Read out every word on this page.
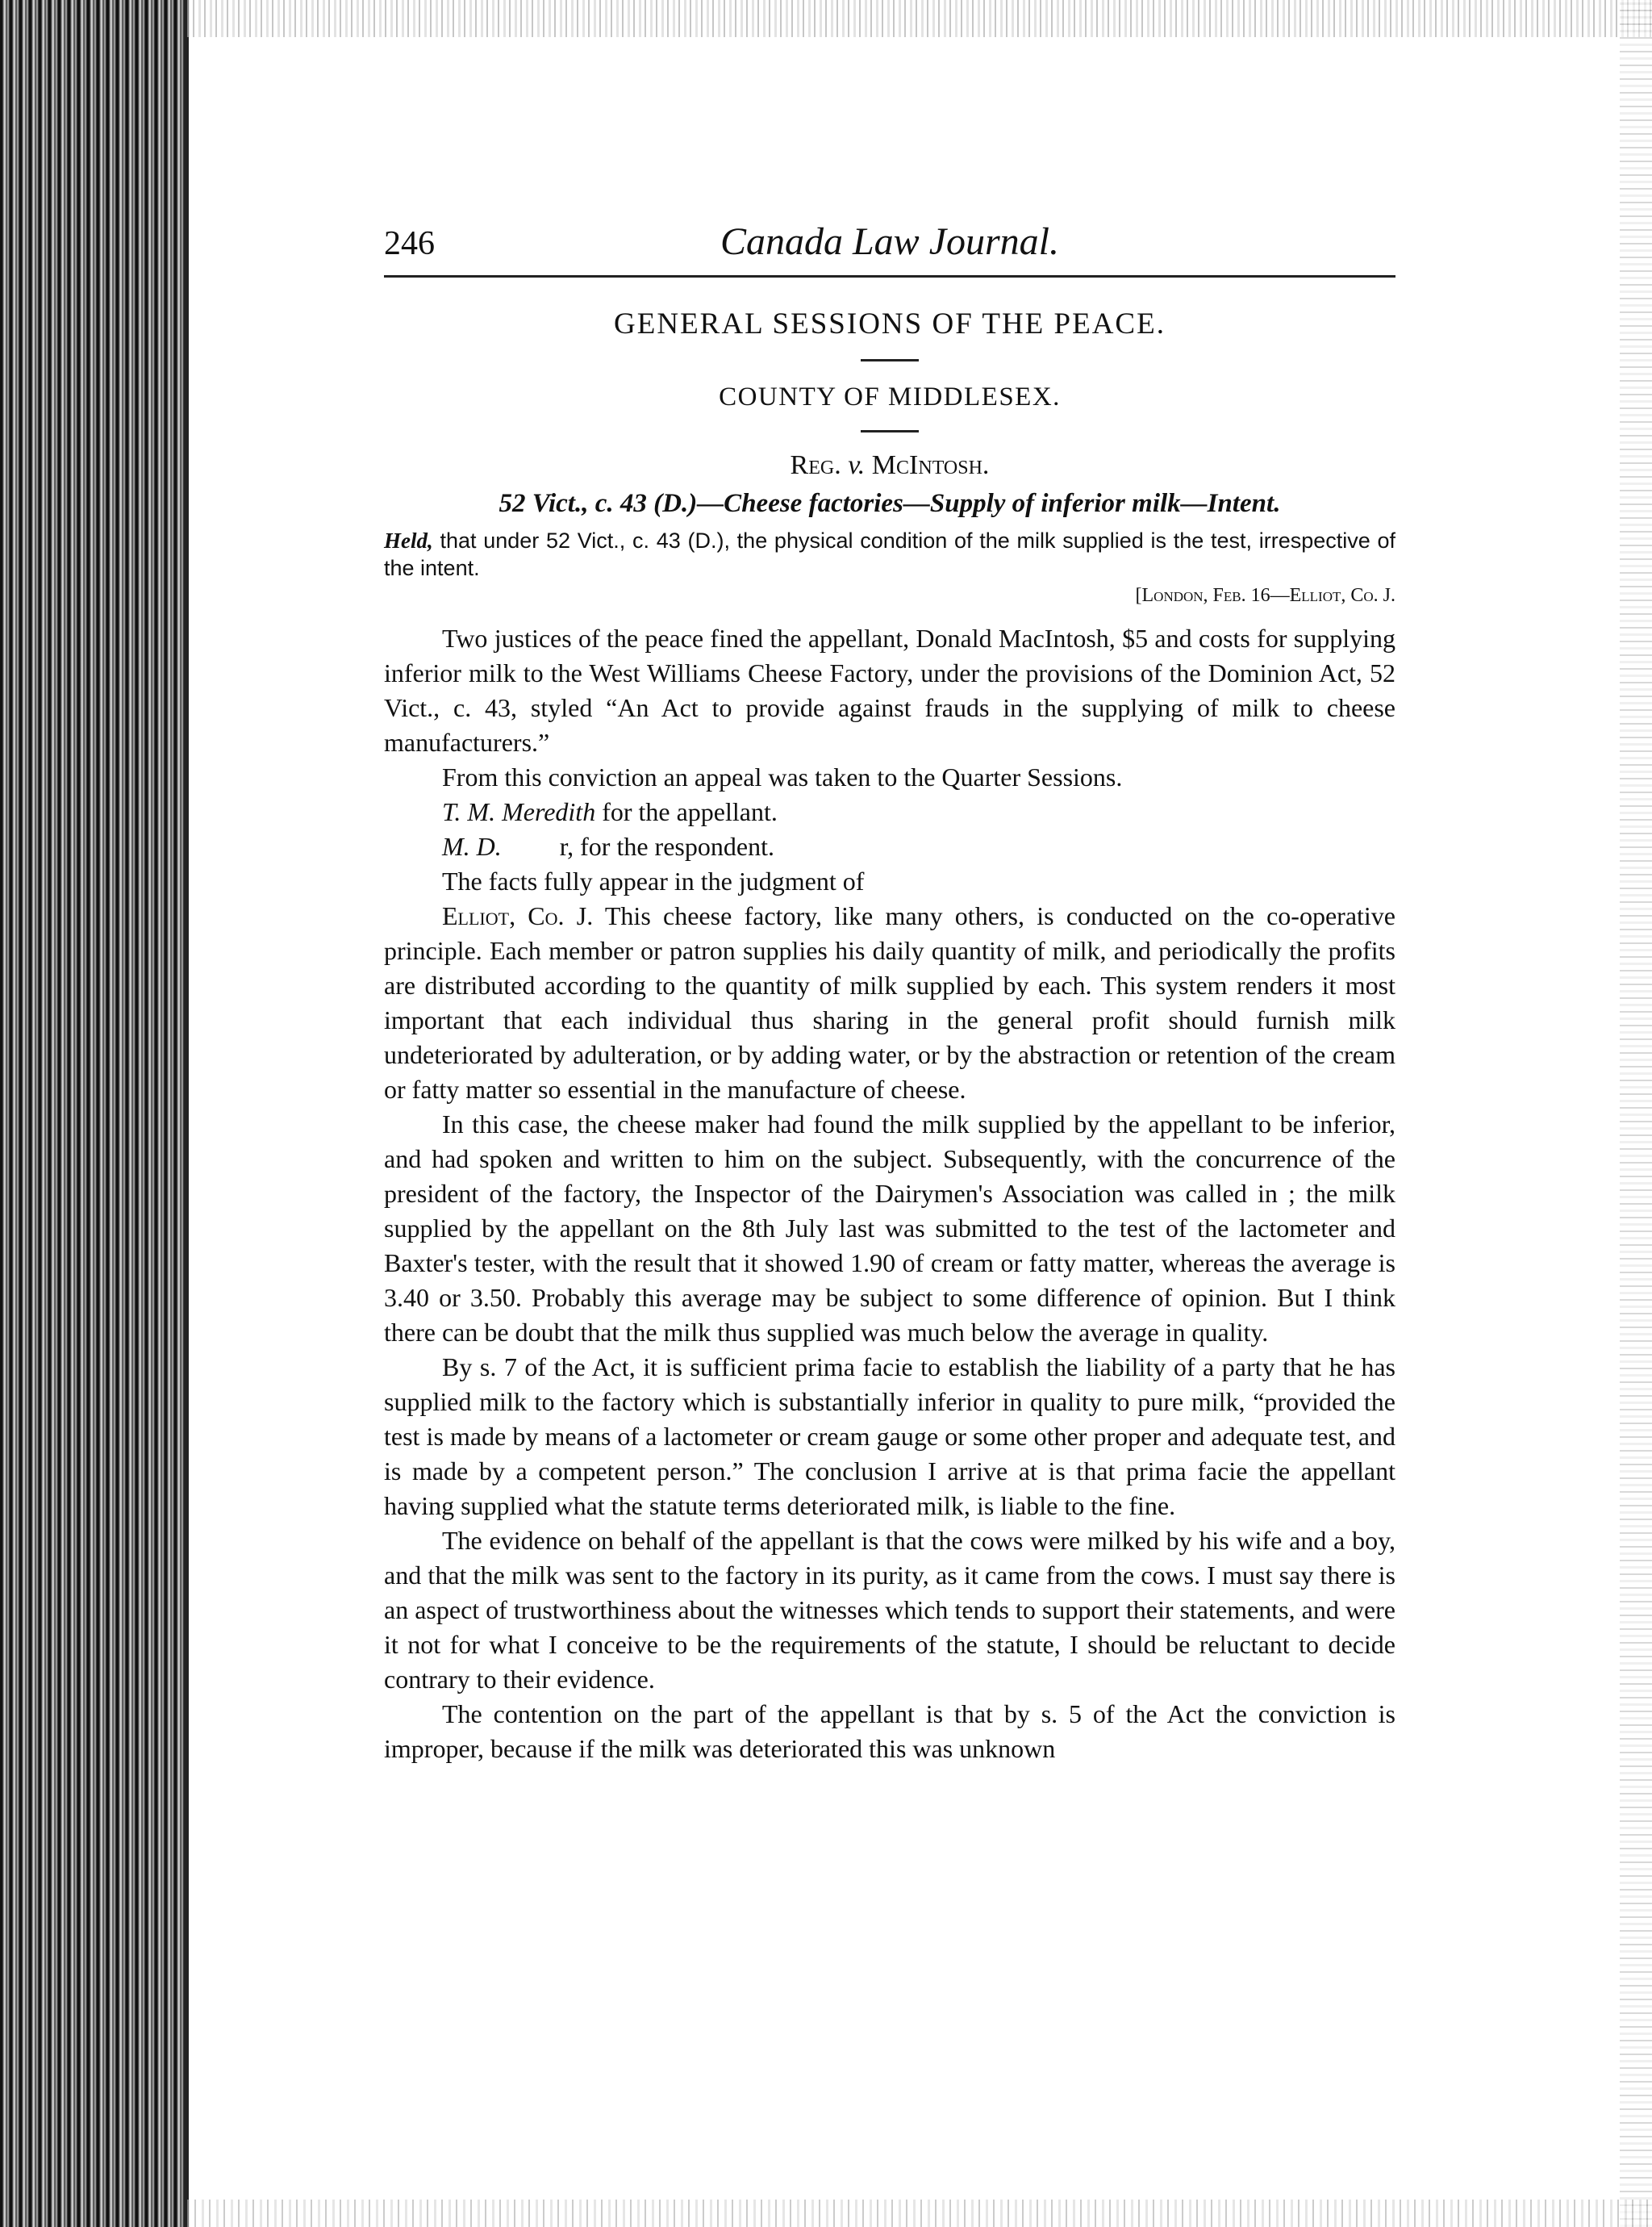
246	Canada Law Journal.
GENERAL SESSIONS OF THE PEACE.
COUNTY OF MIDDLESEX.
Reg. v. McIntosh.
52 Vict., c. 43 (D.)—Cheese factories—Supply of inferior milk—Intent.
Held, that under 52 Vict., c. 43 (D.), the physical condition of the milk supplied is the test, irrespective of the intent.
[London, Feb. 16—Elliot, Co. J.

Two justices of the peace fined the appellant, Donald MacIntosh, $5 and costs for supplying inferior milk to the West Williams Cheese Factory, under the provisions of the Dominion Act, 52 Vict., c. 43, styled “An Act to provide against frauds in the supplying of milk to cheese manufacturers.”

From this conviction an appeal was taken to the Quarter Sessions.

T. M. Meredith for the appellant.

M. D.         r, for the respondent.

The facts fully appear in the judgment of

Elliot, Co. J. This cheese factory, like many others, is conducted on the co-operative principle. Each member or patron supplies his daily quantity of milk, and periodically the profits are distributed according to the quantity of milk supplied by each. This system renders it most important that each individual thus sharing in the general profit should furnish milk undeteriorated by adulteration, or by adding water, or by the abstraction or retention of the cream or fatty matter so essential in the manufacture of cheese.

In this case, the cheese maker had found the milk supplied by the appellant to be inferior, and had spoken and written to him on the subject. Subsequently, with the concurrence of the president of the factory, the Inspector of the Dairymen's Association was called in ; the milk supplied by the appellant on the 8th July last was submitted to the test of the lactometer and Baxter's tester, with the result that it showed 1.90 of cream or fatty matter, whereas the average is 3.40 or 3.50. Probably this average may be subject to some difference of opinion. But I think there can be doubt that the milk thus supplied was much below the average in quality.

By s. 7 of the Act, it is sufficient prima facie to establish the liability of a party that he has supplied milk to the factory which is substantially inferior in quality to pure milk, “provided the test is made by means of a lactometer or cream gauge or some other proper and adequate test, and is made by a competent person.” The conclusion I arrive at is that prima facie the appellant having supplied what the statute terms deteriorated milk, is liable to the fine.

The evidence on behalf of the appellant is that the cows were milked by his wife and a boy, and that the milk was sent to the factory in its purity, as it came from the cows. I must say there is an aspect of trustworthiness about the witnesses which tends to support their statements, and were it not for what I conceive to be the requirements of the statute, I should be reluctant to decide contrary to their evidence.

The contention on the part of the appellant is that by s. 5 of the Act the conviction is improper, because if the milk was deteriorated this was unknown
